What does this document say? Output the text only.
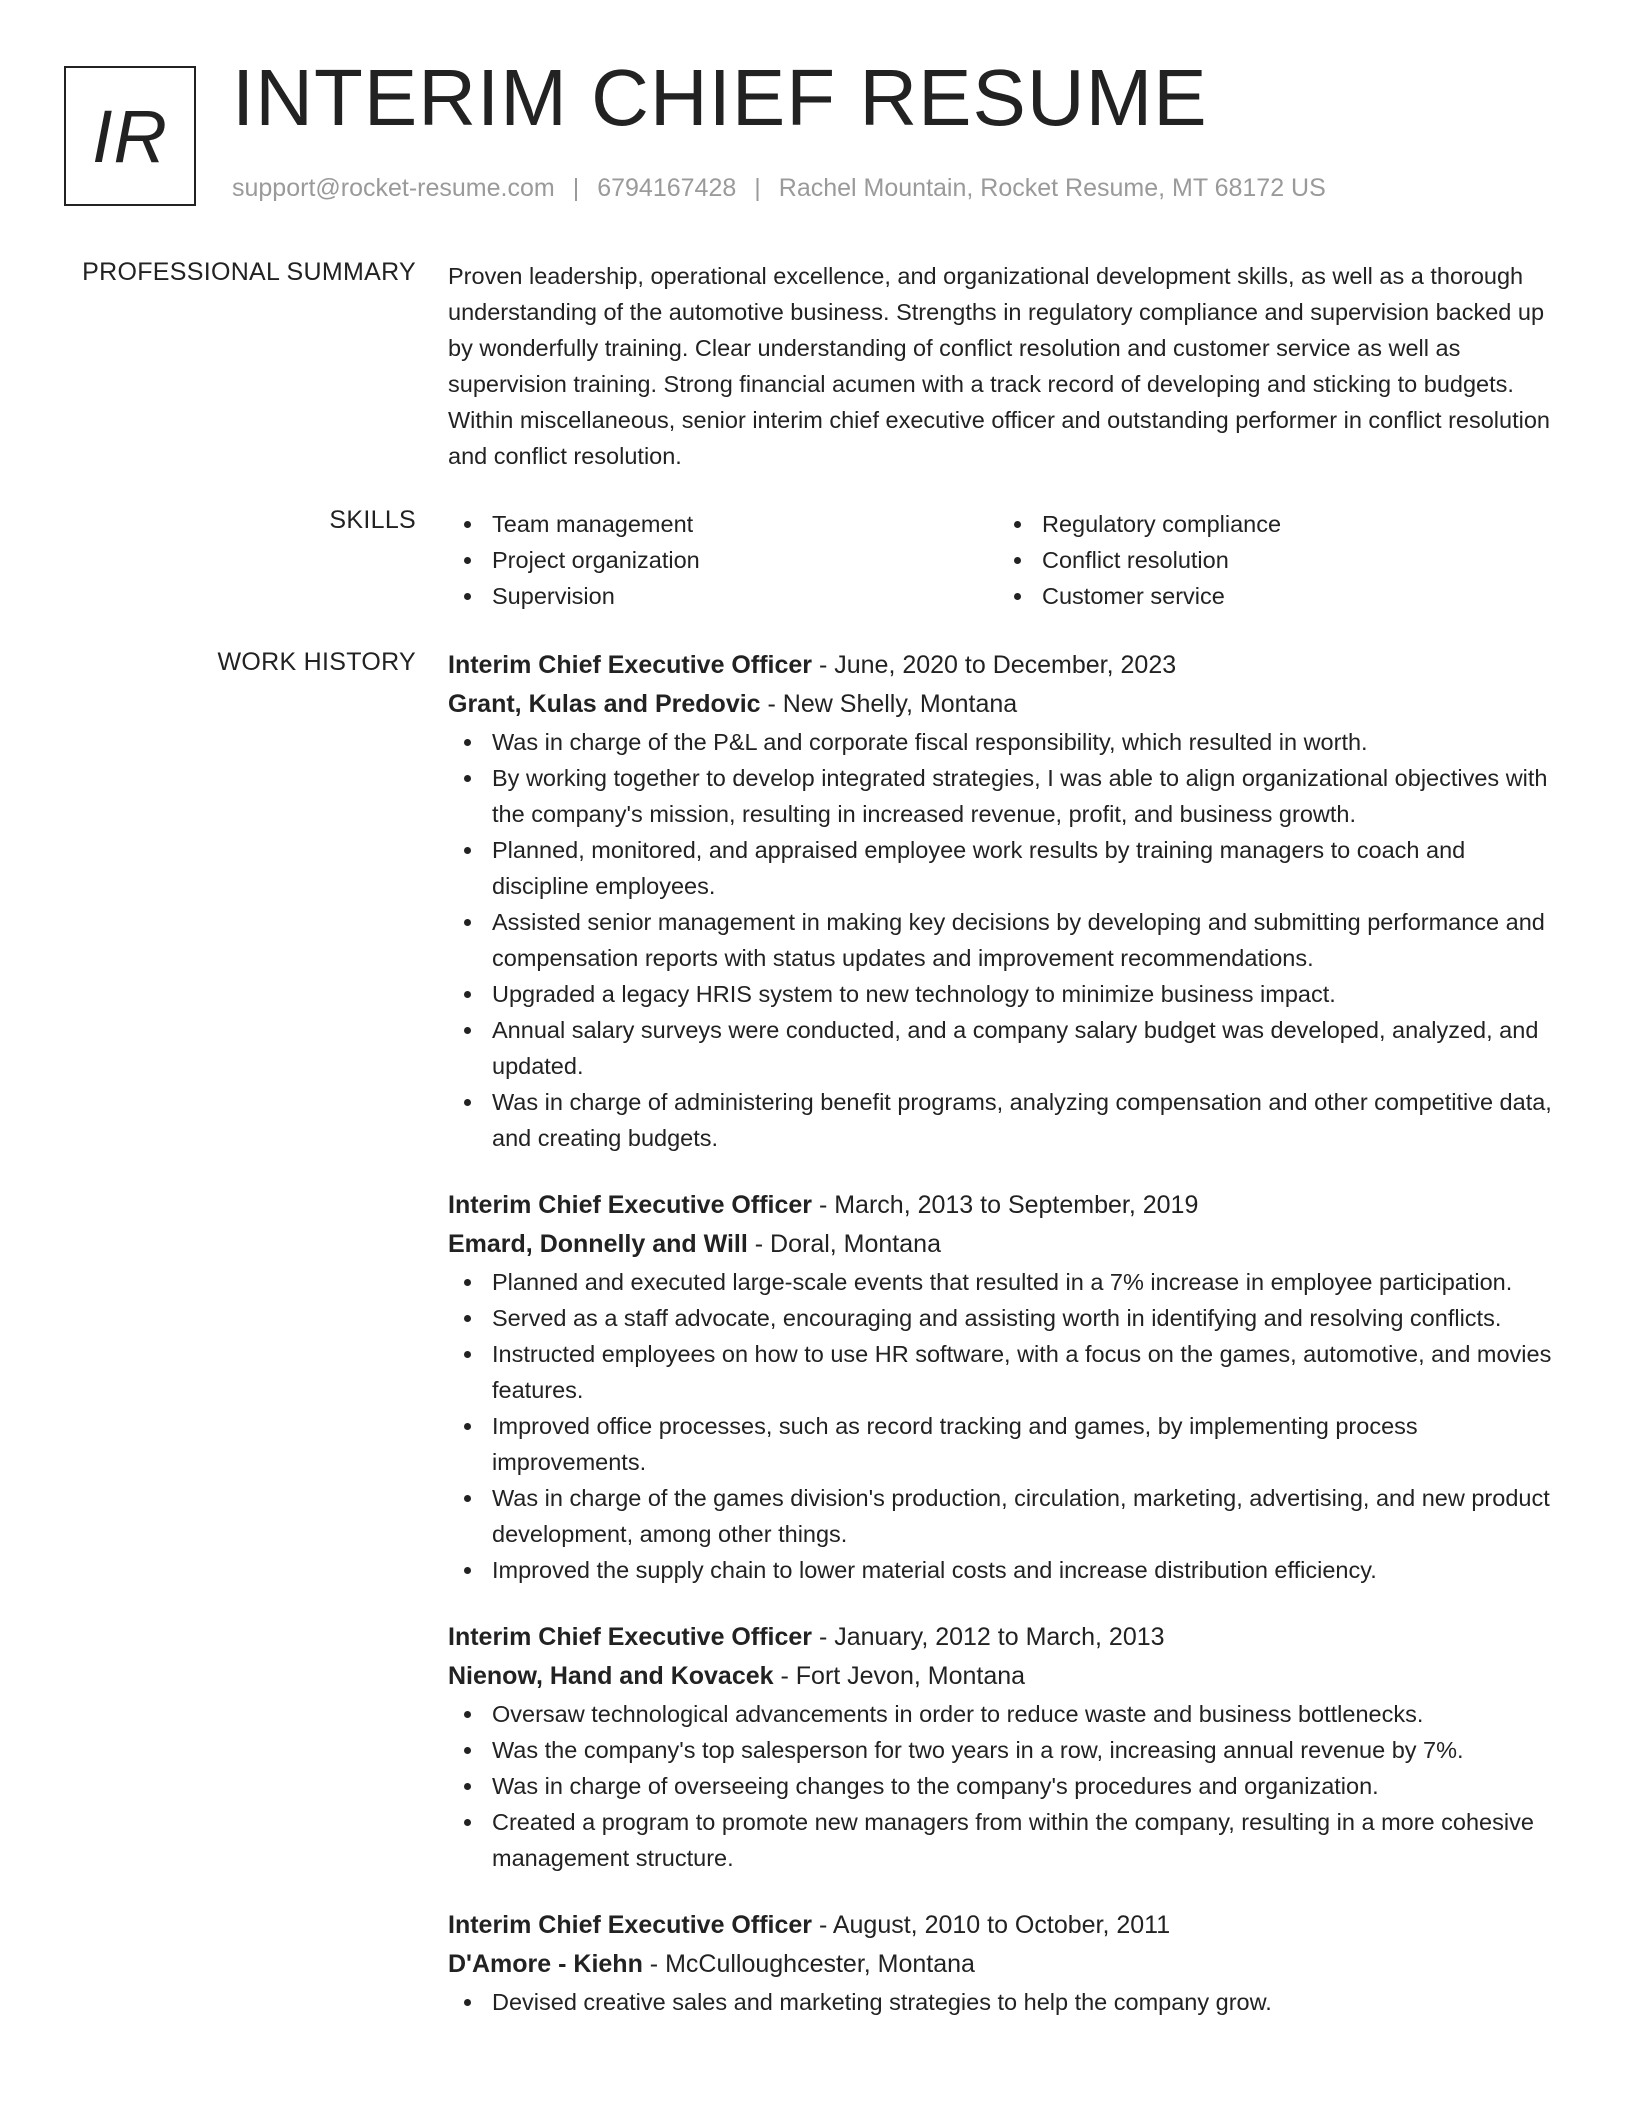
IR INTERIM CHIEF RESUME
support@rocket-resume.com | 6794167428 | Rachel Mountain, Rocket Resume, MT 68172 US
PROFESSIONAL SUMMARY Proven leadership, operational excellence, and organizational development skills, as well as a thorough understanding of the automotive business. Strengths in regulatory compliance and supervision backed up by wonderfully training. Clear understanding of conflict resolution and customer service as well as supervision training. Strong financial acumen with a track record of developing and sticking to budgets. Within miscellaneous, senior interim chief executive officer and outstanding performer in conflict resolution and conflict resolution.

SKILLS	Team management
Project organization
Supervision
Regulatory compliance
Conflict resolution
Customer service
WORK HISTORY Interim Chief Executive Officer - June, 2020 to December, 2023
Grant, Kulas and Predovic - New Shelly, Montana
Was in charge of the P&L and corporate fiscal responsibility, which resulted in worth.
By working together to develop integrated strategies, I was able to align organizational objectives with the company's mission, resulting in increased revenue, profit, and business growth.
Planned, monitored, and appraised employee work results by training managers to coach and discipline employees.
Assisted senior management in making key decisions by developing and submitting performance and compensation reports with status updates and improvement recommendations.
Upgraded a legacy HRIS system to new technology to minimize business impact.
Annual salary surveys were conducted, and a company salary budget was developed, analyzed, and updated.
Was in charge of administering benefit programs, analyzing compensation and other competitive data, and creating budgets.
Interim Chief Executive Officer - March, 2013 to September, 2019
Emard, Donnelly and Will - Doral, Montana
Planned and executed large-scale events that resulted in a 7% increase in employee participation.
Served as a staff advocate, encouraging and assisting worth in identifying and resolving conflicts.
Instructed employees on how to use HR software, with a focus on the games, automotive, and movies features.
Improved office processes, such as record tracking and games, by implementing process improvements.
Was in charge of the games division's production, circulation, marketing, advertising, and new product development, among other things.
Improved the supply chain to lower material costs and increase distribution efficiency.
Interim Chief Executive Officer - January, 2012 to March, 2013
Nienow, Hand and Kovacek - Fort Jevon, Montana
Oversaw technological advancements in order to reduce waste and business bottlenecks.
Was the company's top salesperson for two years in a row, increasing annual revenue by 7%.
Was in charge of overseeing changes to the company's procedures and organization.
Created a program to promote new managers from within the company, resulting in a more cohesive management structure.
Interim Chief Executive Officer - August, 2010 to October, 2011
D'Amore - Kiehn - McCulloughcester, Montana
Devised creative sales and marketing strategies to help the company grow.
